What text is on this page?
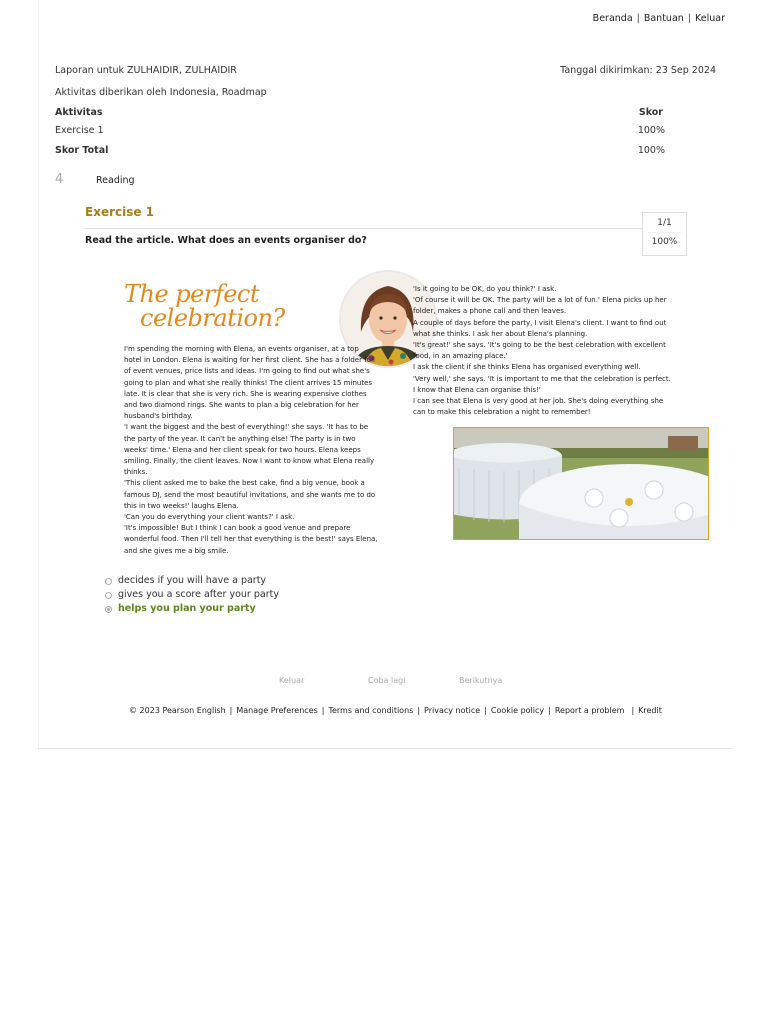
Beranda | Bantuan | Keluar
Laporan untuk ZULHAIDIR, ZULHAIDIR	Tanggal dikirimkan: 23 Sep 2024
Aktivitas diberikan oleh Indonesia, Roadmap
Aktivitas	Skor
Exercise 1	100%
Skor Total	100%
4	Reading
Exercise 1
Read the article. What does an events organiser do?
1/1
100%
The perfect
celebration?

I'm spending the morning with Elena, an events organiser, at a top hotel in London. Elena is waiting for her first client. She has a folder full of event venues, price lists and ideas. I'm going to find out what she's going to plan and what she really thinks! The client arrives 15 minutes late. It is clear that she is very rich. She is wearing expensive clothes and two diamond rings. She wants to plan a big celebration for her husband's birthday.

'I want the biggest and the best of everything!' she says. 'It has to be the party of the year. It can't be anything else! The party is in two weeks' time.' Elena and her client speak for two hours. Elena keeps smiling. Finally, the client leaves. Now I want to know what Elena really thinks.

'This client asked me to bake the best cake, find a big venue, book a famous DJ, send the most beautiful invitations, and she wants me to do this in two weeks!' laughs Elena.

'Can you do everything your client wants?' I ask.

'It's impossible! But I think I can book a good venue and prepare wonderful food. Then I'll tell her that everything is the best!' says Elena, and she gives me a big smile.

'Is it going to be OK, do you think?' I ask.

'Of course it will be OK. The party will be a lot of fun.' Elena picks up her folder, makes a phone call and then leaves.

A couple of days before the party, I visit Elena's client. I want to find out what she thinks. I ask her about Elena's planning.

'It's great!' she says. 'It's going to be the best celebration with excellent food, in an amazing place.'

I ask the client if she thinks Elena has organised everything well.

'Very well,' she says. 'It is important to me that the celebration is perfect. I know that Elena can organise this!'

I can see that Elena is very good at her job. She's doing everything she can to make this celebration a night to remember!

decides if you will have a party
gives you a score after your party
helps you plan your party
Keluar	Coba lagi	Berikutnya
© 2023 Pearson English | Manage Preferences | Terms and conditions | Privacy notice | Cookie policy | Report a problem | Kredit
